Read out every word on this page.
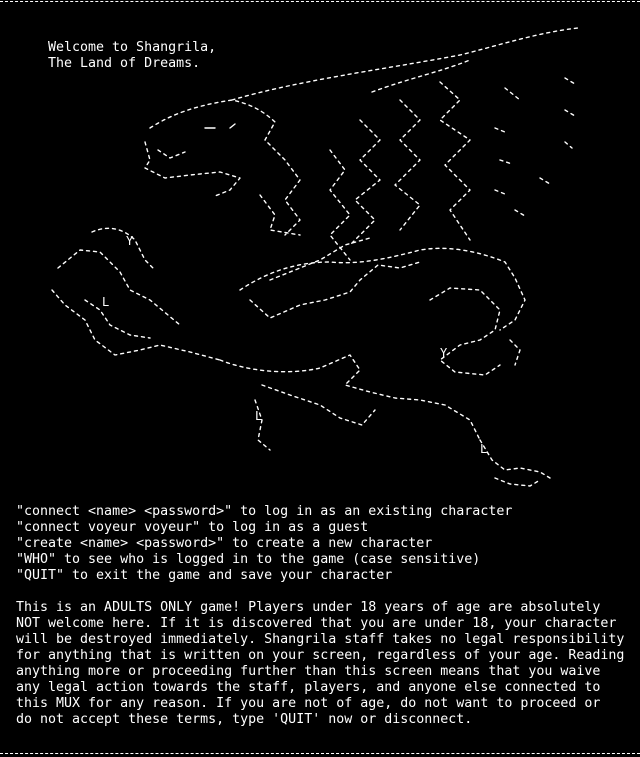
Welcome to Shangrila,
The Land of Dreams.
Y
L
Y
L
L
"connect <name> <password>" to log in as an existing character
"connect voyeur voyeur" to log in as a guest
"create <name> <password>" to create a new character
"WHO" to see who is logged in to the game (case sensitive)
"QUIT" to exit the game and save your character
This is an ADULTS ONLY game! Players under 18 years of age are absolutely
NOT welcome here. If it is discovered that you are under 18, your character
will be destroyed immediately. Shangrila staff takes no legal responsibility
for anything that is written on your screen, regardless of your age. Reading
anything more or proceeding further than this screen means that you waive
any legal action towards the staff, players, and anyone else connected to
this MUX for any reason. If you are not of age, do not want to proceed or
do not accept these terms, type 'QUIT' now or disconnect.
